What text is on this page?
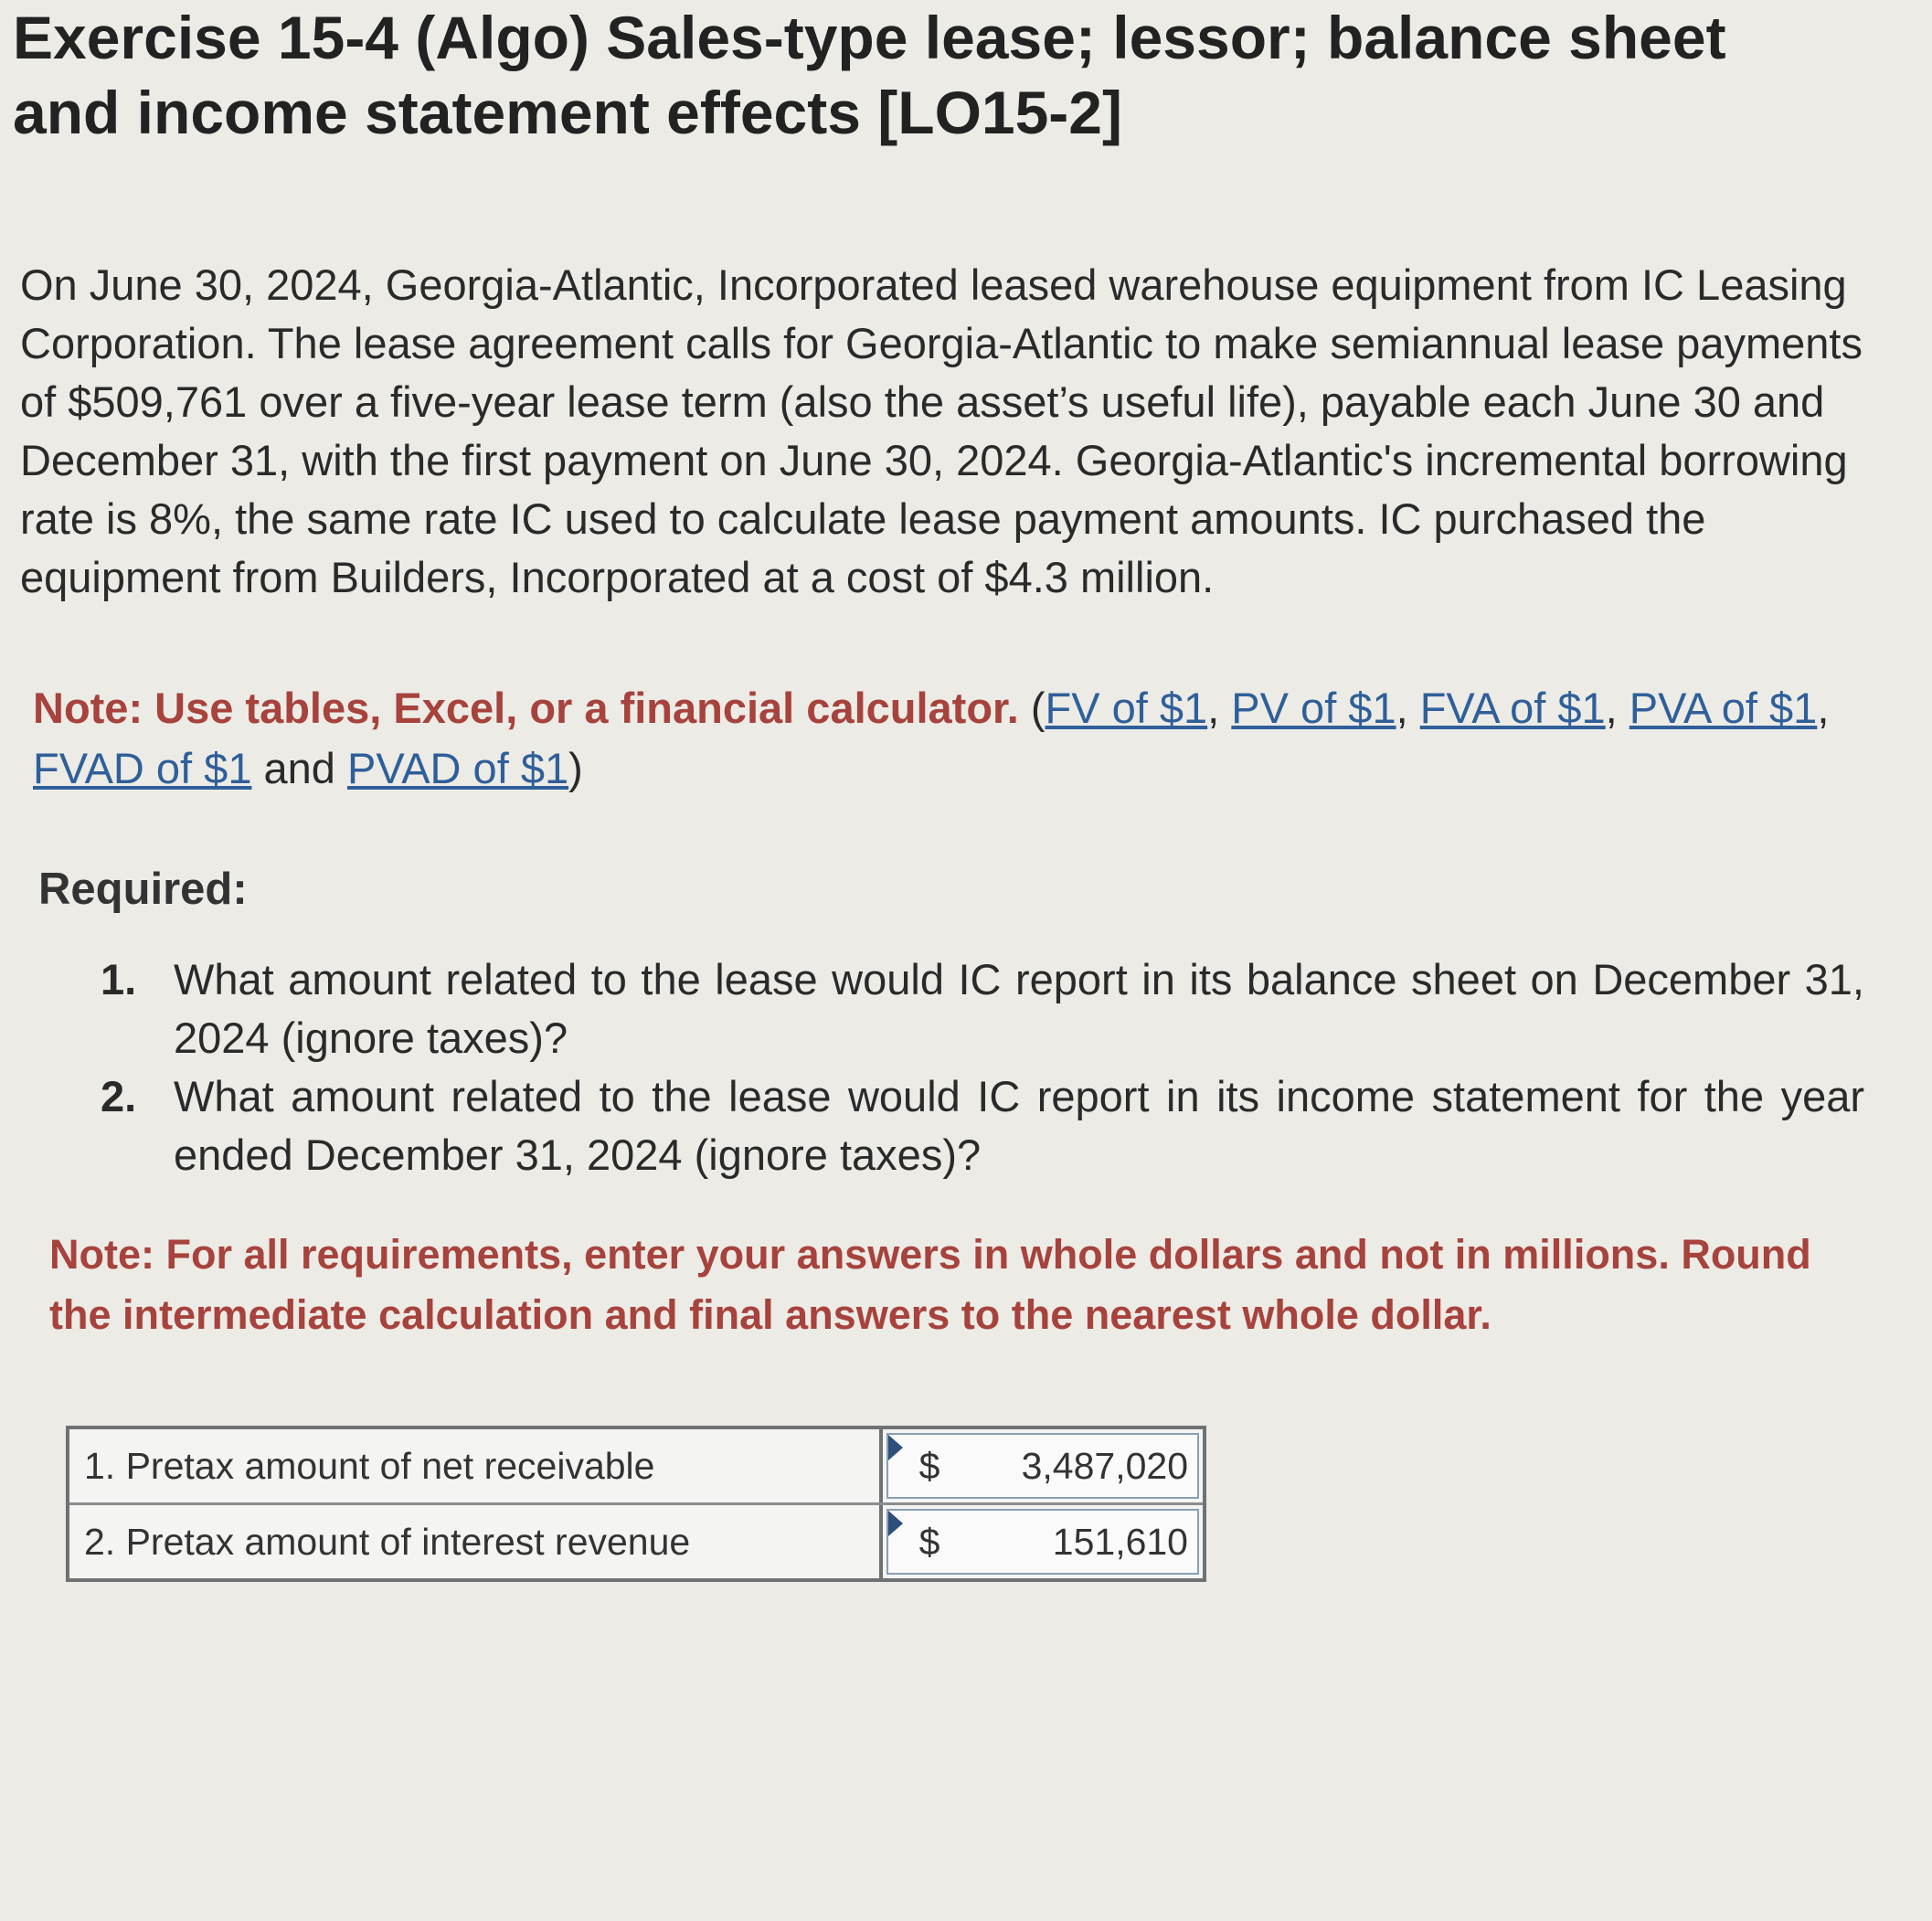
Exercise 15-4 (Algo) Sales-type lease; lessor; balance sheet and income statement effects [LO15-2]
On June 30, 2024, Georgia-Atlantic, Incorporated leased warehouse equipment from IC Leasing Corporation. The lease agreement calls for Georgia-Atlantic to make semiannual lease payments of $509,761 over a five-year lease term (also the asset’s useful life), payable each June 30 and December 31, with the first payment on June 30, 2024. Georgia-Atlantic's incremental borrowing rate is 8%, the same rate IC used to calculate lease payment amounts. IC purchased the equipment from Builders, Incorporated at a cost of $4.3 million.
Note: Use tables, Excel, or a financial calculator. (FV of $1, PV of $1, FVA of $1, PVA of $1, FVAD of $1 and PVAD of $1)
Required:
1. What amount related to the lease would IC report in its balance sheet on December 31, 2024 (ignore taxes)?
2. What amount related to the lease would IC report in its income statement for the year ended December 31, 2024 (ignore taxes)?
Note: For all requirements, enter your answers in whole dollars and not in millions. Round the intermediate calculation and final answers to the nearest whole dollar.
1. Pretax amount of net receivable	$	3,487,020
2. Pretax amount of interest revenue	$	151,610
